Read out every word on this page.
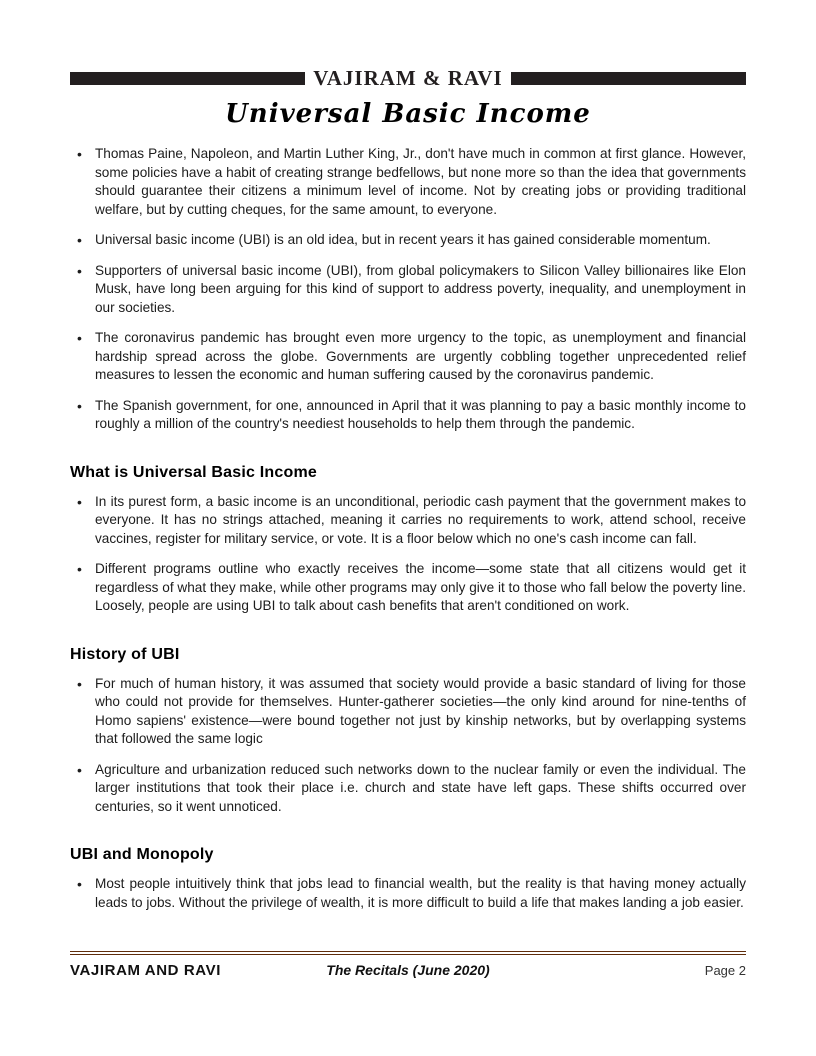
VAJIRAM & RAVI
Universal Basic Income
• Thomas Paine, Napoleon, and Martin Luther King, Jr., don't have much in common at first glance. However, some policies have a habit of creating strange bedfellows, but none more so than the idea that governments should guarantee their citizens a minimum level of income. Not by creating jobs or providing traditional welfare, but by cutting cheques, for the same amount, to everyone.
• Universal basic income (UBI) is an old idea, but in recent years it has gained considerable momentum.
• Supporters of universal basic income (UBI), from global policymakers to Silicon Valley billionaires like Elon Musk, have long been arguing for this kind of support to address poverty, inequality, and unemployment in our societies.
• The coronavirus pandemic has brought even more urgency to the topic, as unemployment and financial hardship spread across the globe. Governments are urgently cobbling together unprecedented relief measures to lessen the economic and human suffering caused by the coronavirus pandemic.
• The Spanish government, for one, announced in April that it was planning to pay a basic monthly income to roughly a million of the country's neediest households to help them through the pandemic.
What is Universal Basic Income
• In its purest form, a basic income is an unconditional, periodic cash payment that the government makes to everyone. It has no strings attached, meaning it carries no requirements to work, attend school, receive vaccines, register for military service, or vote. It is a floor below which no one's cash income can fall.
• Different programs outline who exactly receives the income—some state that all citizens would get it regardless of what they make, while other programs may only give it to those who fall below the poverty line. Loosely, people are using UBI to talk about cash benefits that aren't conditioned on work.
History of UBI
• For much of human history, it was assumed that society would provide a basic standard of living for those who could not provide for themselves. Hunter-gatherer societies—the only kind around for nine-tenths of Homo sapiens' existence—were bound together not just by kinship networks, but by overlapping systems that followed the same logic
• Agriculture and urbanization reduced such networks down to the nuclear family or even the individual. The larger institutions that took their place i.e. church and state have left gaps. These shifts occurred over centuries, so it went unnoticed.
UBI and Monopoly
• Most people intuitively think that jobs lead to financial wealth, but the reality is that having money actually leads to jobs. Without the privilege of wealth, it is more difficult to build a life that makes landing a job easier.
VAJIRAM AND RAVI	The Recitals (June 2020)	Page 2
